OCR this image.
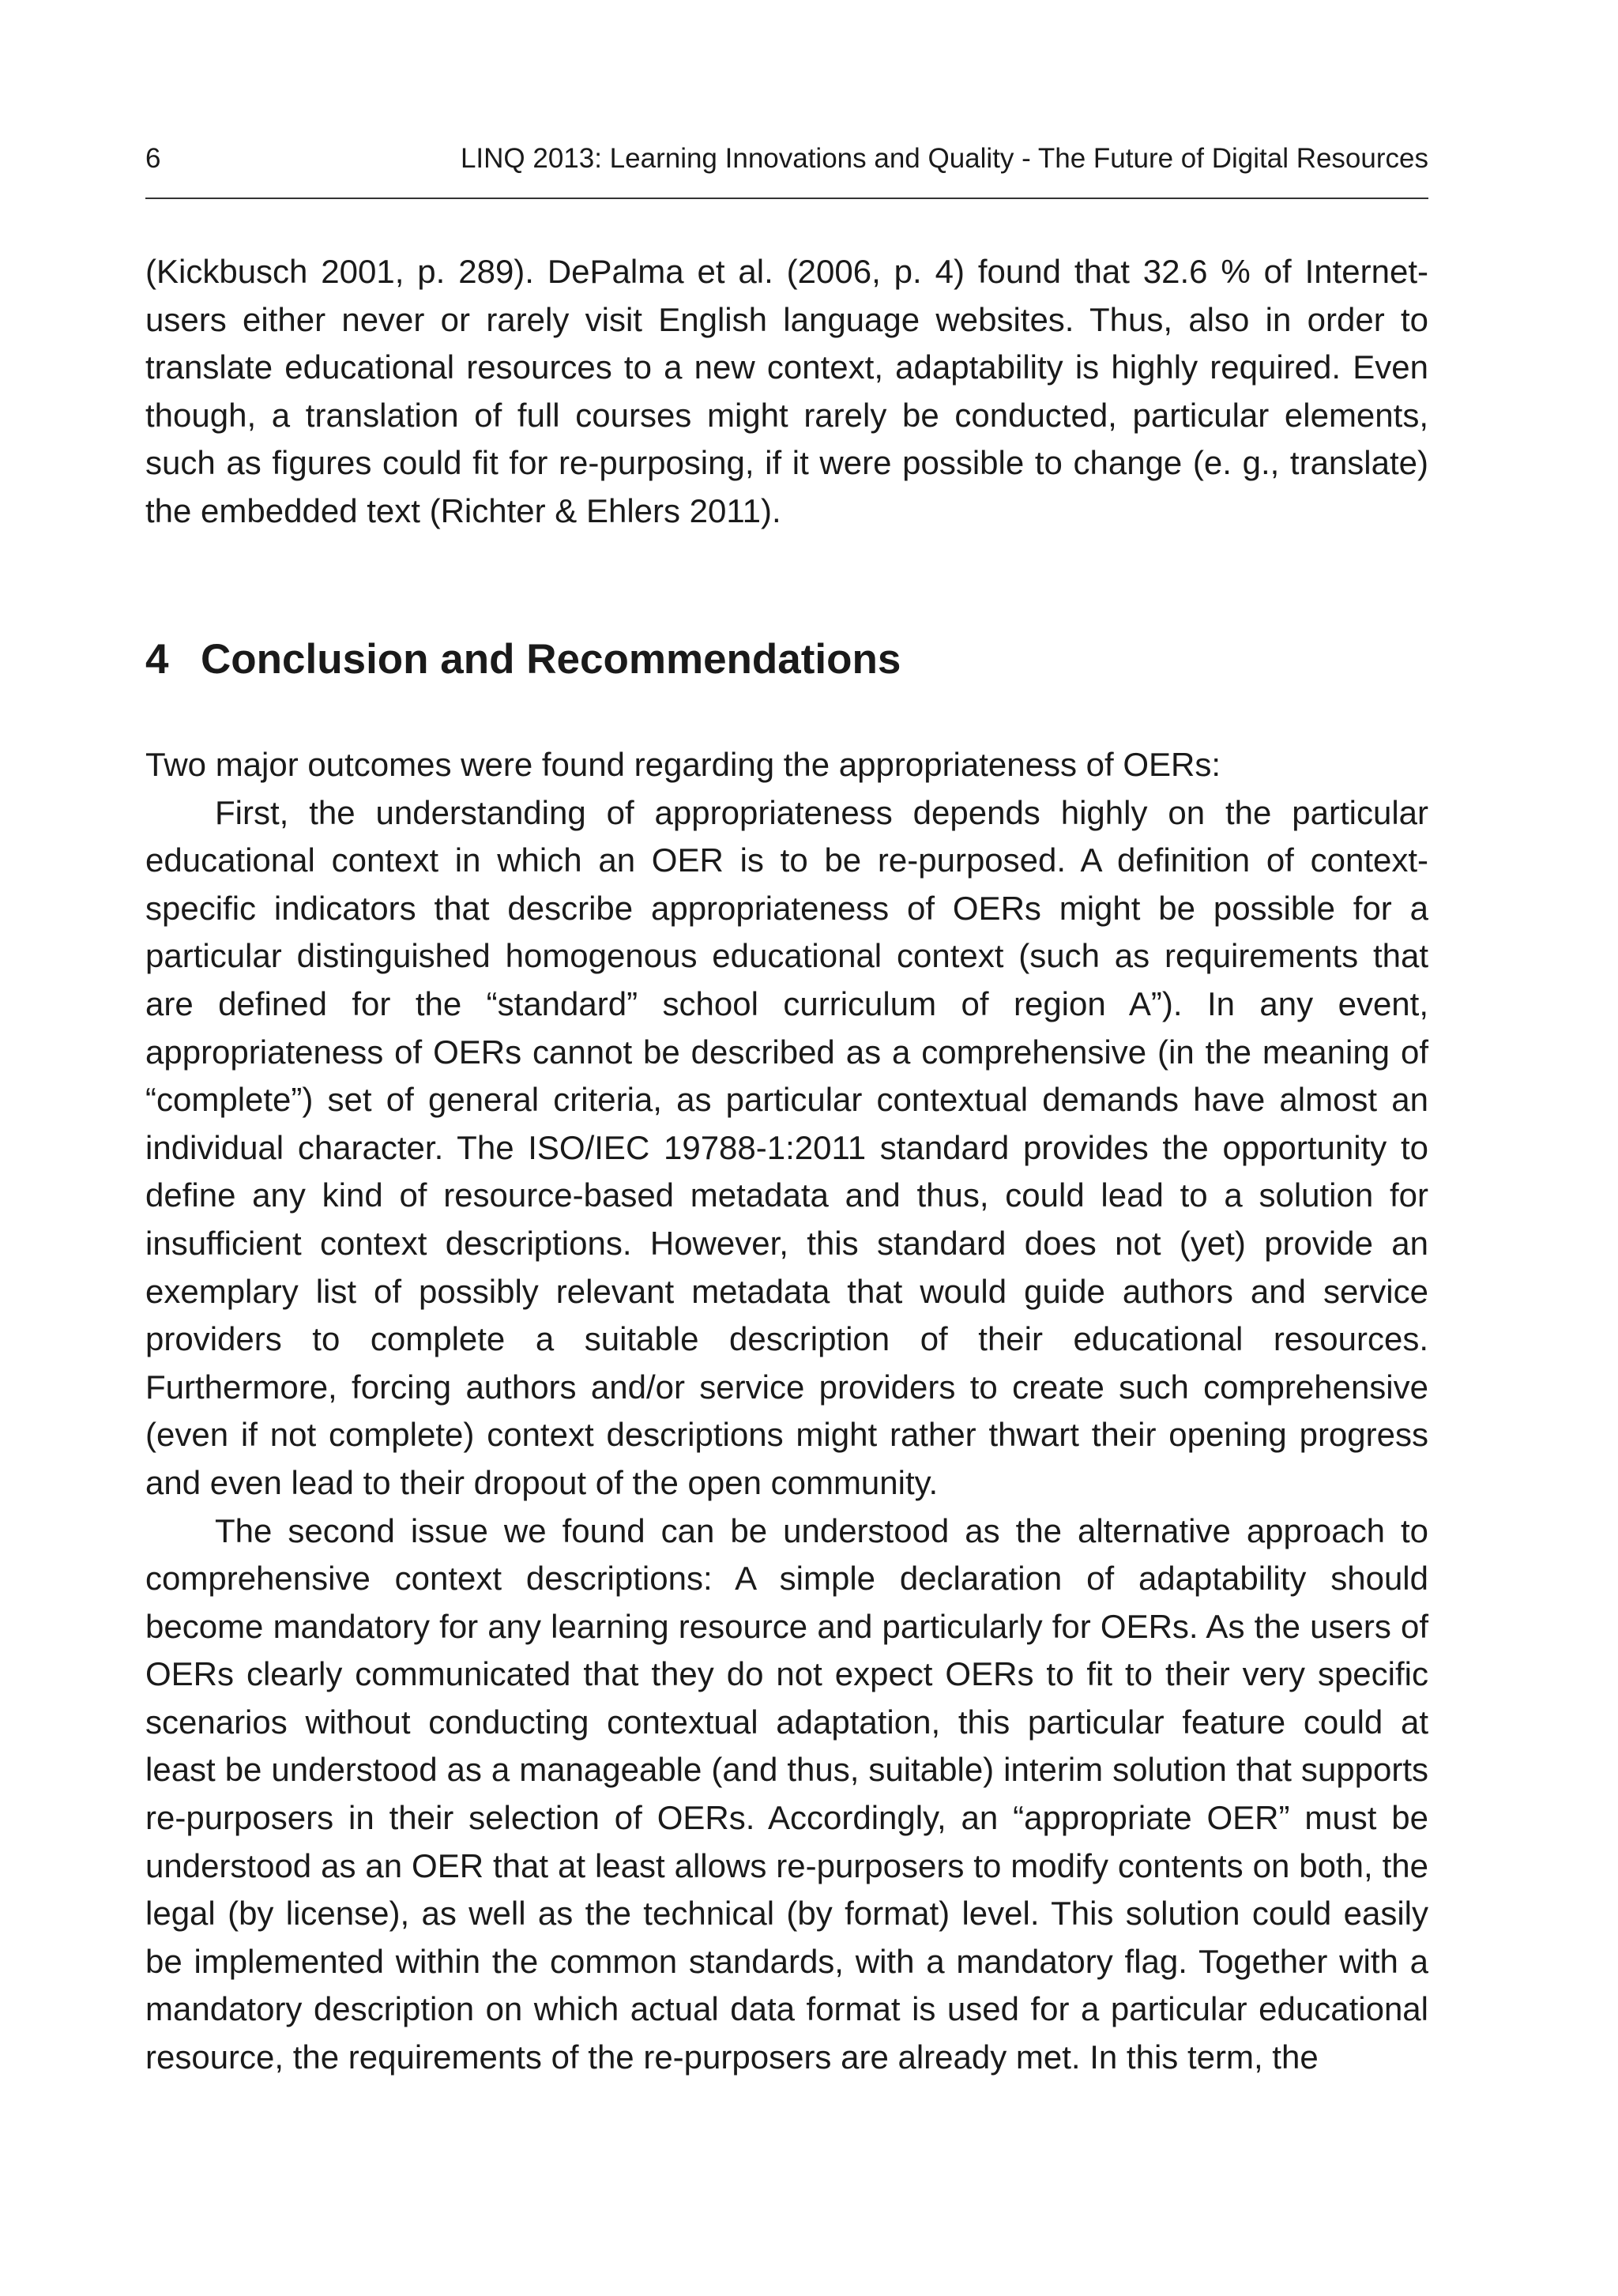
6	LINQ 2013: Learning Innovations and Quality - The Future of Digital Resources

(Kickbusch 2001, p. 289). DePalma et al. (2006, p. 4) found that 32.6 % of Internet-users either never or rarely visit English language websites. Thus, also in order to translate educational resources to a new context, adaptability is highly required. Even though, a translation of full courses might rarely be conducted, particular elements, such as figures could fit for re-purposing, if it were possible to change (e. g., translate) the embedded text (Richter & Ehlers 2011).

4 Conclusion and Recommendations

Two major outcomes were found regarding the appropriateness of OERs:

First, the understanding of appropriateness depends highly on the particular educational context in which an OER is to be re-purposed. A definition of context-specific indicators that describe appropriateness of OERs might be possible for a particular distinguished homogenous educational context (such as requirements that are defined for the “standard” school curriculum of region A”). In any event, appropriateness of OERs cannot be described as a comprehensive (in the meaning of “complete”) set of general criteria, as particular contextual demands have almost an individual character. The ISO/IEC 19788-1:2011 standard provides the opportunity to define any kind of resource-based metadata and thus, could lead to a solution for insufficient context descriptions. However, this standard does not (yet) provide an exemplary list of possibly relevant metadata that would guide authors and service providers to complete a suitable description of their educational resources. Furthermore, forcing authors and/or service providers to create such comprehensive (even if not complete) context descriptions might rather thwart their opening progress and even lead to their dropout of the open community.

The second issue we found can be understood as the alternative approach to comprehensive context descriptions: A simple declaration of adaptability should become mandatory for any learning resource and particularly for OERs. As the users of OERs clearly communicated that they do not expect OERs to fit to their very specific scenarios without conducting contextual adaptation, this particular feature could at least be understood as a manageable (and thus, suitable) interim solution that supports re-purposers in their selection of OERs. Accordingly, an “appropriate OER” must be understood as an OER that at least allows re-purposers to modify contents on both, the legal (by license), as well as the technical (by format) level. This solution could easily be implemented within the common standards, with a mandatory flag. Together with a mandatory description on which actual data format is used for a particular educational resource, the requirements of the re-purposers are already met. In this term, the
